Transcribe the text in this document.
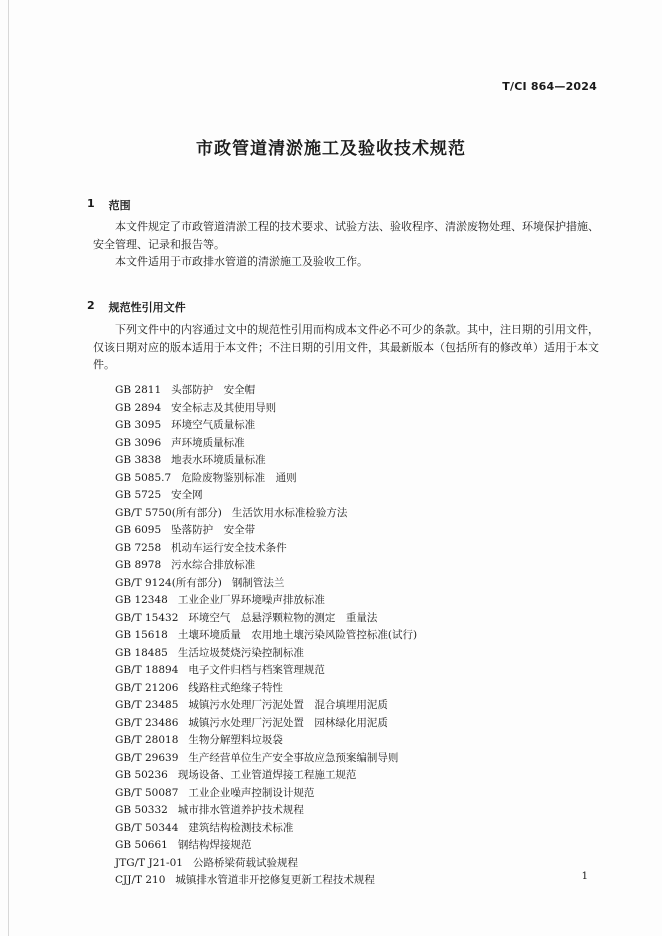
T/CI 864—2024
市政管道清淤施工及验收技术规范
1 范围

本文件规定了市政管道清淤工程的技术要求、试验方法、验收程序、清淤废物处理、环境保护措施、安全管理、记录和报告等。

本文件适用于市政排水管道的清淤施工及验收工作。

2 规范性引用文件

下列文件中的内容通过文中的规范性引用而构成本文件必不可少的条款。其中，注日期的引用文件，仅该日期对应的版本适用于本文件；不注日期的引用文件，其最新版本（包括所有的修改单）适用于本文件。

GB 2811 头部防护　安全帽
GB 2894 安全标志及其使用导则
GB 3095 环境空气质量标准
GB 3096 声环境质量标准
GB 3838 地表水环境质量标准
GB 5085.7 危险废物鉴别标准　通则
GB 5725 安全网
GB/T 5750(所有部分) 生活饮用水标准检验方法
GB 6095 坠落防护　安全带
GB 7258 机动车运行安全技术条件
GB 8978 污水综合排放标准
GB/T 9124(所有部分) 钢制管法兰
GB 12348 工业企业厂界环境噪声排放标准
GB/T 15432 环境空气　总悬浮颗粒物的测定　重量法
GB 15618 土壤环境质量　农用地土壤污染风险管控标准(试行)
GB 18485 生活垃圾焚烧污染控制标准
GB/T 18894 电子文件归档与档案管理规范
GB/T 21206 线路柱式绝缘子特性
GB/T 23485 城镇污水处理厂污泥处置　混合填埋用泥质
GB/T 23486 城镇污水处理厂污泥处置　园林绿化用泥质
GB/T 28018 生物分解塑料垃圾袋
GB/T 29639 生产经营单位生产安全事故应急预案编制导则
GB 50236 现场设备、工业管道焊接工程施工规范
GB/T 50087 工业企业噪声控制设计规范
GB 50332 城市排水管道养护技术规程
GB/T 50344 建筑结构检测技术标准
GB 50661 钢结构焊接规范
JTG/T J21-01 公路桥梁荷载试验规程
CJJ/T 210 城镇排水管道非开挖修复更新工程技术规程	1
